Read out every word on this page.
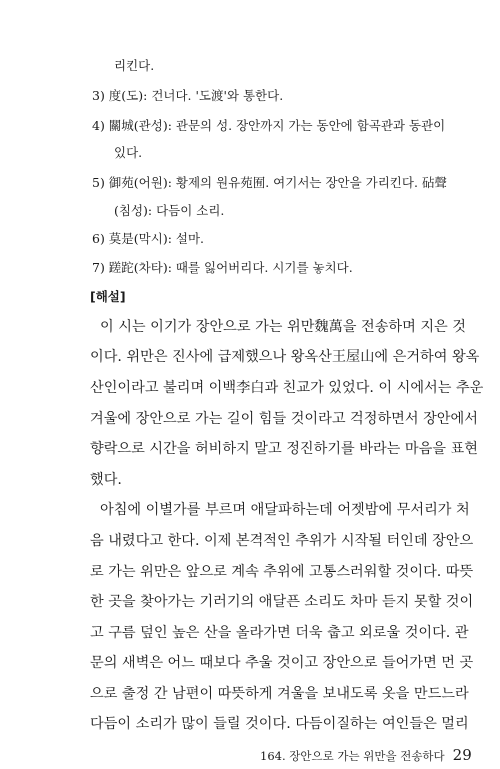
리킨다.
3) 度(도): 건너다. '도渡'와 통한다.
4) 關城(관성): 관문의 성. 장안까지 가는 동안에 함곡관과 동관이
있다.
5) 御苑(어원): 황제의 원유苑囿. 여기서는 장안을 가리킨다. 砧聲
(침성): 다듬이 소리.
6) 莫是(막시): 설마.
7) 蹉跎(차타): 때를 잃어버리다. 시기를 놓치다.
[해설]
이 시는 이기가 장안으로 가는 위만魏萬을 전송하며 지은 것
이다. 위만은 진사에 급제했으나 왕옥산王屋山에 은거하여 왕옥
산인이라고 불리며 이백李白과 친교가 있었다. 이 시에서는 추운
겨울에 장안으로 가는 길이 힘들 것이라고 걱정하면서 장안에서
향락으로 시간을 허비하지 말고 정진하기를 바라는 마음을 표현
했다.
아침에 이별가를 부르며 애달파하는데 어젯밤에 무서리가 처
음 내렸다고 한다. 이제 본격적인 추위가 시작될 터인데 장안으
로 가는 위만은 앞으로 계속 추위에 고통스러워할 것이다. 따뜻
한 곳을 찾아가는 기러기의 애달픈 소리도 차마 듣지 못할 것이
고 구름 덮인 높은 산을 올라가면 더욱 춥고 외로울 것이다. 관
문의 새벽은 어느 때보다 추울 것이고 장안으로 들어가면 먼 곳
으로 출정 간 남편이 따뜻하게 겨울을 보내도록 옷을 만드느라
다듬이 소리가 많이 들릴 것이다. 다듬이질하는 여인들은 멀리
164. 장안으로 가는 위만을 전송하다 29
